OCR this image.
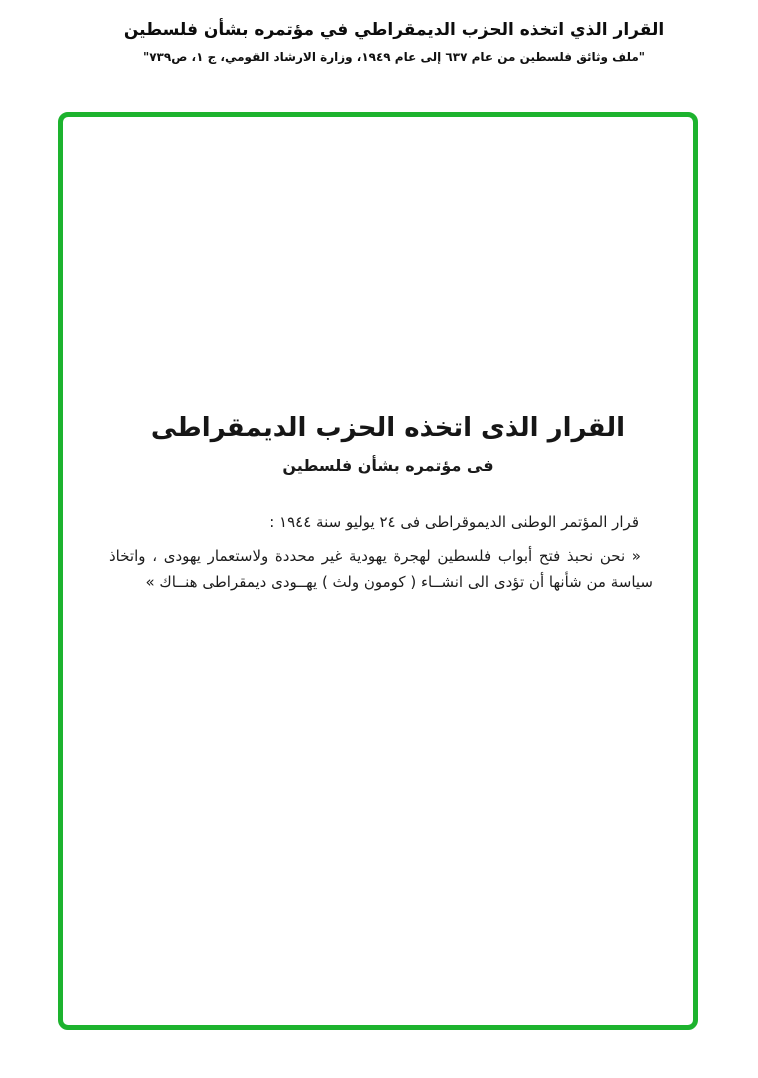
القرار الذي اتخذه الحزب الديمقراطي في مؤتمره بشأن فلسطين
"ملف وثائق فلسطين من عام ٦٣٧ إلى عام ١٩٤٩، وزارة الارشاد القومي، ج ١، ص٧٣٩"
القرار الذى اتخذه الحزب الديمقراطى
فى مؤتمره بشأن فلسطين
قرار المؤتمر الوطنى الديموقراطى فى ٢٤ يوليو سنة ١٩٤٤ :
« نحن نحبذ فتح أبواب فلسطين لهجرة يهودية غير محددة ولاستعمار يهودى ، واتخاذ سياسة من شأنها أن تؤدى الى انشــاء ( كومون ولث ) يهــودى ديمقراطى هنــاك »
